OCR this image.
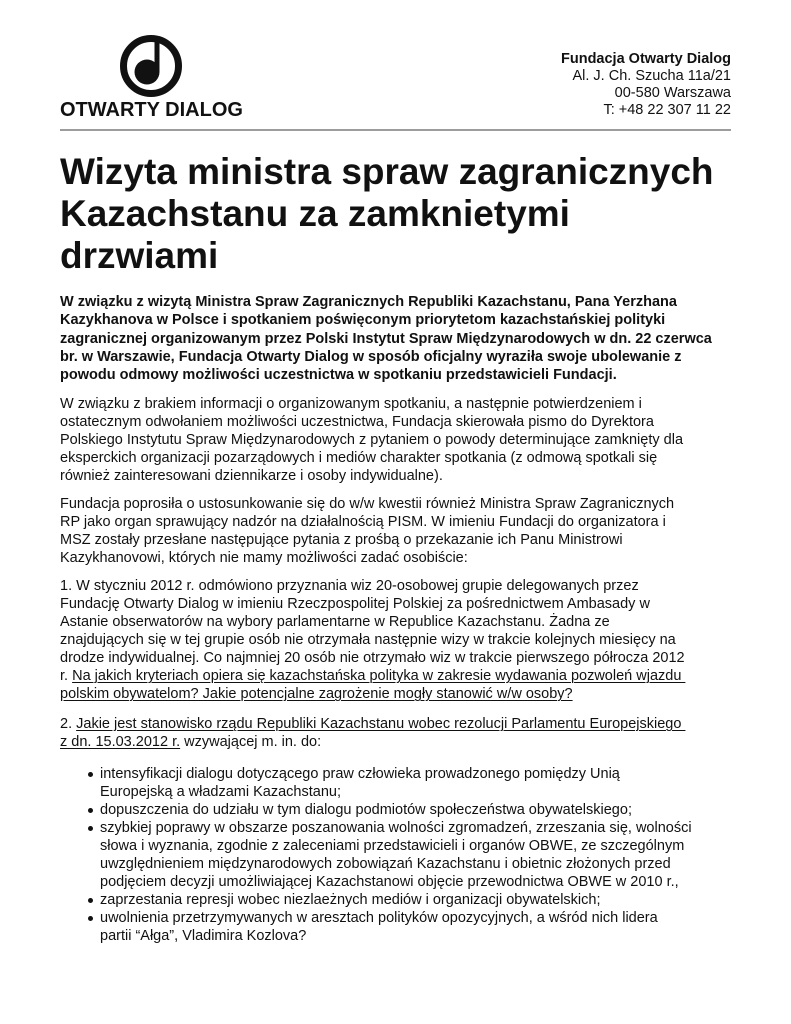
OTWARTY DIALOG
Fundacja Otwarty Dialog
Al. J. Ch. Szucha 11a/21
00-580 Warszawa
T: +48 22 307 11 22
Wizyta ministra spraw zagranicznych
Kazachstanu za zamknietymi
drzwiami
W związku z wizytą Ministra Spraw Zagranicznych Republiki Kazachstanu, Pana Yerzhana
Kazykhanova w Polsce i spotkaniem poświęconym priorytetom kazachstańskiej polityki
zagranicznej organizowanym przez Polski Instytut Spraw Międzynarodowych w dn. 22 czerwca
br. w Warszawie, Fundacja Otwarty Dialog w sposób oficjalny wyraziła swoje ubolewanie z
powodu odmowy możliwości uczestnictwa w spotkaniu przedstawicieli Fundacji.
W związku z brakiem informacji o organizowanym spotkaniu, a następnie potwierdzeniem i
ostatecznym odwołaniem możliwości uczestnictwa, Fundacja skierowała pismo do Dyrektora
Polskiego Instytutu Spraw Międzynarodowych z pytaniem o powody determinujące zamknięty dla
eksperckich organizacji pozarządowych i mediów charakter spotkania (z odmową spotkali się
również zainteresowani dziennikarze i osoby indywidualne).
Fundacja poprosiła o ustosunkowanie się do w/w kwestii również Ministra Spraw Zagranicznych
RP jako organ sprawujący nadzór na działalnością PISM. W imieniu Fundacji do organizatora i
MSZ zostały przesłane następujące pytania z prośbą o przekazanie ich Panu Ministrowi
Kazykhanovowi, których nie mamy możliwości zadać osobiście:
1. W styczniu 2012 r. odmówiono przyznania wiz 20-osobowej grupie delegowanych przez
Fundację Otwarty Dialog w imieniu Rzeczpospolitej Polskiej za pośrednictwem Ambasady w
Astanie obserwatorów na wybory parlamentarne w Republice Kazachstanu. Żadna ze
znajdujących się w tej grupie osób nie otrzymała następnie wizy w trakcie kolejnych miesięcy na
drodze indywidualnej. Co najmniej 20 osób nie otrzymało wiz w trakcie pierwszego półrocza 2012
r. Na jakich kryteriach opiera się kazachstańska polityka w zakresie wydawania pozwoleń wjazdu
polskim obywatelom? Jakie potencjalne zagrożenie mogły stanowić w/w osoby?
2. Jakie jest stanowisko rządu Republiki Kazachstanu wobec rezolucji Parlamentu Europejskiego
z dn. 15.03.2012 r. wzywającej m. in. do:
intensyfikacji dialogu dotyczącego praw człowieka prowadzonego pomiędzy Unią
Europejską a władzami Kazachstanu;
dopuszczenia do udziału w tym dialogu podmiotów społeczeństwa obywatelskiego;
szybkiej poprawy w obszarze poszanowania wolności zgromadzeń, zrzeszania się, wolności
słowa i wyznania, zgodnie z zaleceniami przedstawicieli i organów OBWE, ze szczególnym
uwzględnieniem międzynarodowych zobowiązań Kazachstanu i obietnic złożonych przed
podjęciem decyzji umożliwiającej Kazachstanowi objęcie przewodnictwa OBWE w 2010 r.,
zaprzestania represji wobec niezlaeżnych mediów i organizacji obywatelskich;
uwolnienia przetrzymywanych w aresztach polityków opozycyjnych, a wśród nich lidera
partii “Ałga”, Vladimira Kozlova?
